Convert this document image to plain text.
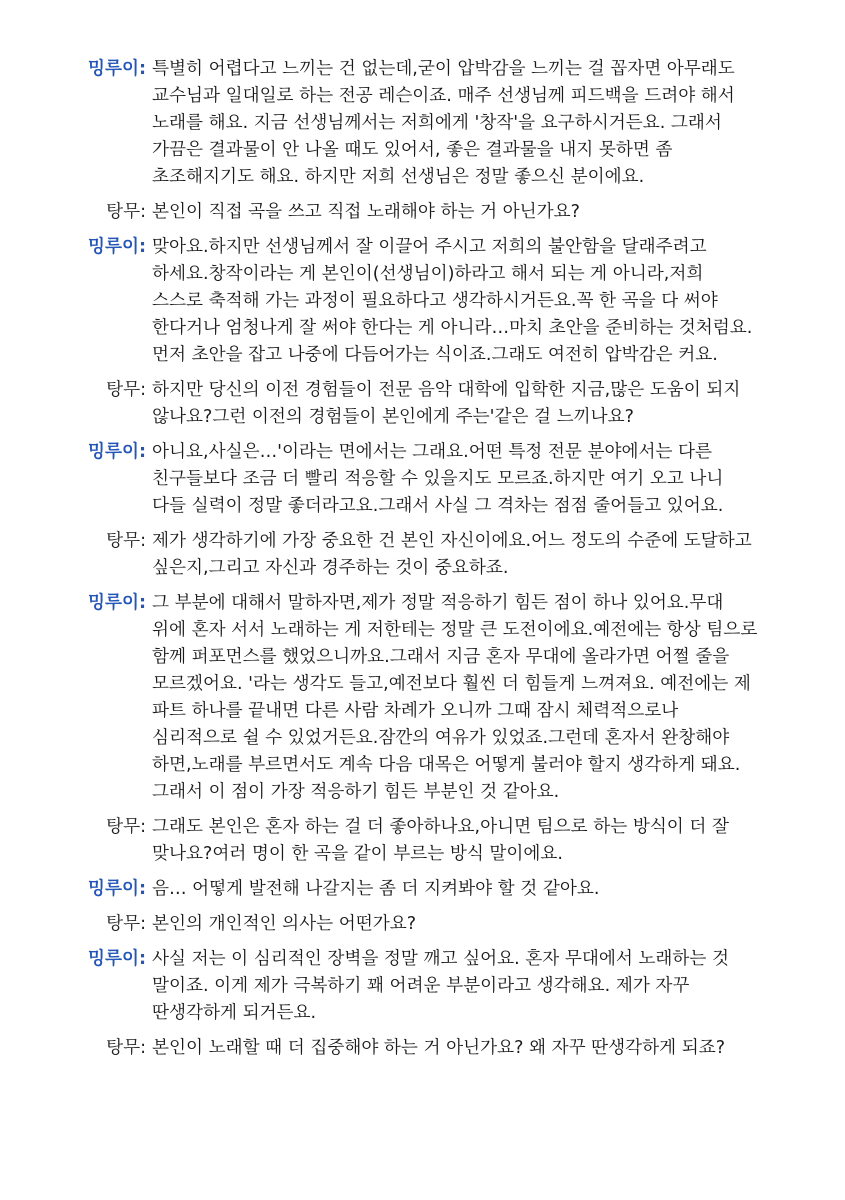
밍루이: 특별히 어렵다고 느끼는 건 없는데,굳이 압박감을 느끼는 걸 꼽자면 아무래도 교수님과 일대일로 하는 전공 레슨이죠. 매주 선생님께 피드백을 드려야 해서 노래를 해요. 지금 선생님께서는 저희에게 '창작'을 요구하시거든요. 그래서 가끔은 결과물이 안 나올 때도 있어서, 좋은 결과물을 내지 못하면 좀 초조해지기도 해요. 하지만 저희 선생님은 정말 좋으신 분이에요.
탕무: 본인이 직접 곡을 쓰고 직접 노래해야 하는 거 아닌가요?
밍루이: 맞아요.하지만 선생님께서 잘 이끌어 주시고 저희의 불안함을 달래주려고 하세요.창작이라는 게 본인이(선생님이)하라고 해서 되는 게 아니라,저희 스스로 축적해 가는 과정이 필요하다고 생각하시거든요.꼭 한 곡을 다 써야 한다거나 엄청나게 잘 써야 한다는 게 아니라…마치 초안을 준비하는 것처럼요.먼저 초안을 잡고 나중에 다듬어가는 식이죠.그래도 여전히 압박감은 커요.
탕무: 하지만 당신의 이전 경험들이 전문 음악 대학에 입학한 지금,많은 도움이 되지 않나요?그런 이전의 경험들이 본인에게 주는'같은 걸 느끼나요?
밍루이: 아니요,사실은…'이라는 면에서는 그래요.어떤 특정 전문 분야에서는 다른 친구들보다 조금 더 빨리 적응할 수 있을지도 모르죠.하지만 여기 오고 나니 다들 실력이 정말 좋더라고요.그래서 사실 그 격차는 점점 줄어들고 있어요.
탕무: 제가 생각하기에 가장 중요한 건 본인 자신이에요.어느 정도의 수준에 도달하고 싶은지,그리고 자신과 경주하는 것이 중요하죠.
밍루이: 그 부분에 대해서 말하자면,제가 정말 적응하기 힘든 점이 하나 있어요.무대 위에 혼자 서서 노래하는 게 저한테는 정말 큰 도전이에요.예전에는 항상 팀으로 함께 퍼포먼스를 했었으니까요.그래서 지금 혼자 무대에 올라가면 어쩔 줄을 모르겠어요. '라는 생각도 들고,예전보다 훨씬 더 힘들게 느껴져요. 예전에는 제 파트 하나를 끝내면 다른 사람 차례가 오니까 그때 잠시 체력적으로나 심리적으로 쉴 수 있었거든요.잠깐의 여유가 있었죠.그런데 혼자서 완창해야 하면,노래를 부르면서도 계속 다음 대목은 어떻게 불러야 할지 생각하게 돼요.그래서 이 점이 가장 적응하기 힘든 부분인 것 같아요.
탕무: 그래도 본인은 혼자 하는 걸 더 좋아하나요,아니면 팀으로 하는 방식이 더 잘 맞나요?여러 명이 한 곡을 같이 부르는 방식 말이에요.
밍루이: 음… 어떻게 발전해 나갈지는 좀 더 지켜봐야 할 것 같아요.
탕무: 본인의 개인적인 의사는 어떤가요?
밍루이: 사실 저는 이 심리적인 장벽을 정말 깨고 싶어요. 혼자 무대에서 노래하는 것 말이죠. 이게 제가 극복하기 꽤 어려운 부분이라고 생각해요. 제가 자꾸 딴생각하게 되거든요.
탕무: 본인이 노래할 때 더 집중해야 하는 거 아닌가요? 왜 자꾸 딴생각하게 되죠?
